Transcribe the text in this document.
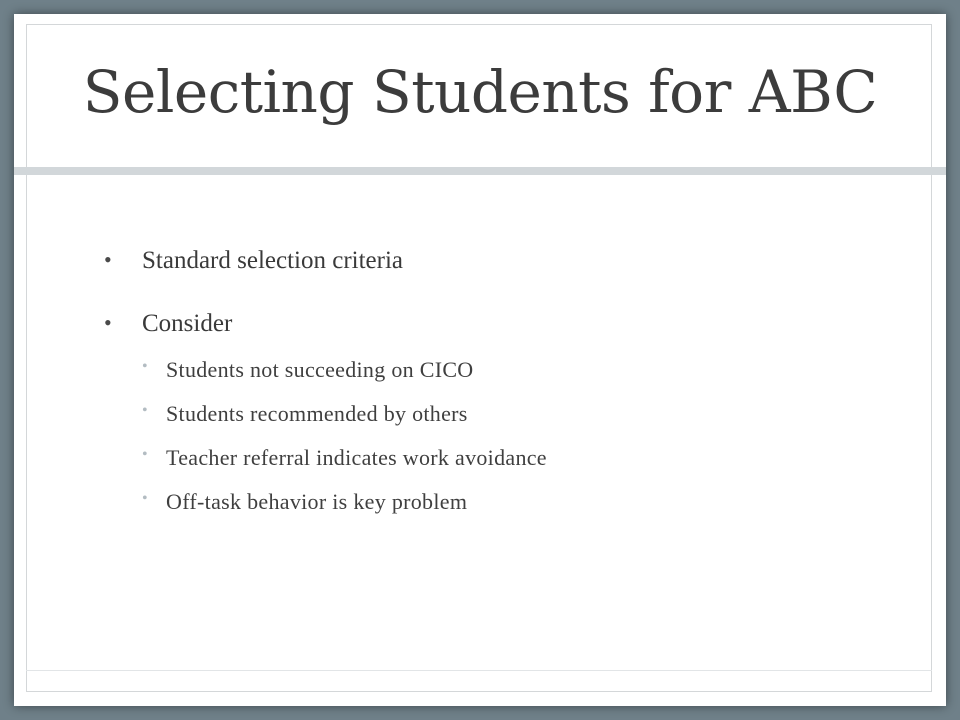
Selecting Students for ABC
• Standard selection criteria
• Consider
• Students not succeeding on CICO
• Students recommended by others
• Teacher referral indicates work avoidance
• Off-task behavior is key problem
